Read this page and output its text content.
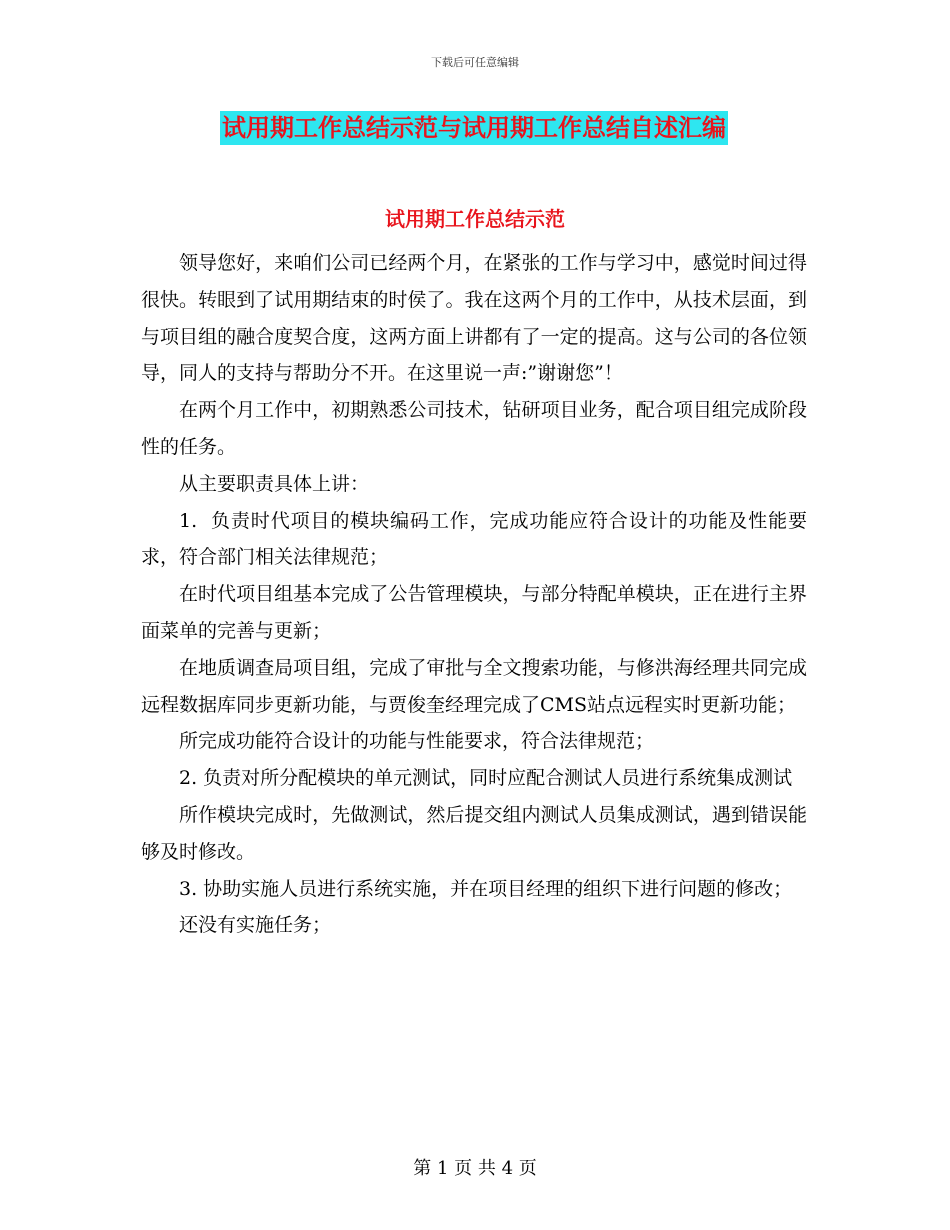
下载后可任意编辑
试用期工作总结示范与试用期工作总结自述汇编
试用期工作总结示范

领导您好，来咱们公司已经两个月，在紧张的工作与学习中，感觉时间过得很快。转眼到了试用期结束的时侯了。我在这两个月的工作中，从技术层面，到与项目组的融合度契合度，这两方面上讲都有了一定的提高。这与公司的各位领导，同人的支持与帮助分不开。在这里说一声:”谢谢您”！

在两个月工作中，初期熟悉公司技术，钻研项目业务，配合项目组完成阶段性的任务。

从主要职责具体上讲：

1.  负责时代项目的模块编码工作，完成功能应符合设计的功能及性能要求，符合部门相关法律规范；

在时代项目组基本完成了公告管理模块，与部分特配单模块，正在进行主界面菜单的完善与更新；

在地质调查局项目组，完成了审批与全文搜索功能，与修洪海经理共同完成远程数据库同步更新功能，与贾俊奎经理完成了CMS站点远程实时更新功能；

所完成功能符合设计的功能与性能要求，符合法律规范；

2. 负责对所分配模块的单元测试，同时应配合测试人员进行系统集成测试

所作模块完成时，先做测试，然后提交组内测试人员集成测试，遇到错误能够及时修改。

3. 协助实施人员进行系统实施，并在项目经理的组织下进行问题的修改；

还没有实施任务；

第 1 页 共 4 页
